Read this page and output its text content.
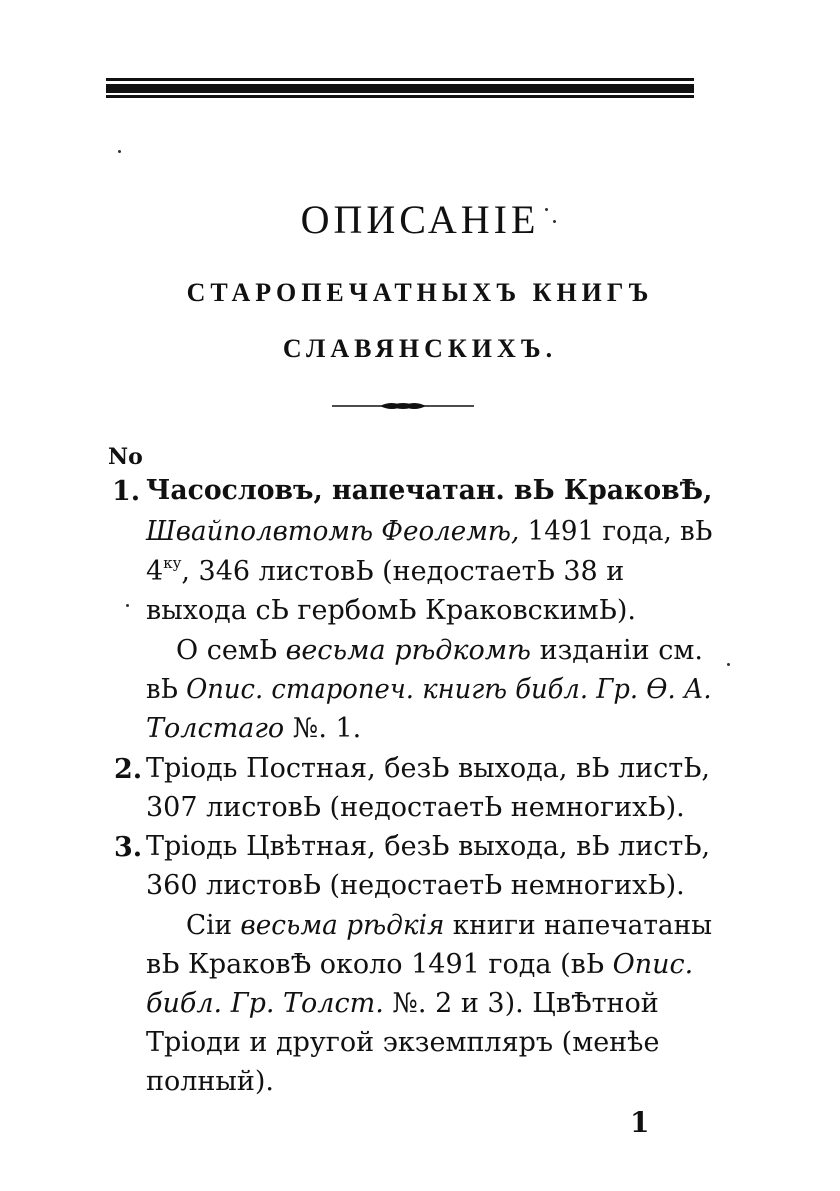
ОПИСАНІЕ
СТАРОПЕЧАТНЫХЪ КНИГЪ
СЛАВЯНСКИХЪ.
No
1. Часословъ, напечатан. вЬ КраковѢ,
Швайполвтомѣ Феолемѣ, 1491 года, вЬ
$4^{ку}$, 346 листовЬ (недостаетЬ 38 и
выхода сЬ гербомЬ КраковскимЬ).
О семЬ весьма рѣдкомѣ изданіи см.
вЬ Опис. старопеч. книгѣ библ. Гр. Ѳ. А.
Толстаго №. 1.
2. Тріодь Постная, безЬ выхода, вЬ листЬ,
307 листовЬ (недостаетЬ немногихЬ).
3. Тріодь Цвѣтная, безЬ выхода, вЬ листЬ,
360 листовЬ (недостаетЬ немногихЬ).
Сіи весьма рѣдкія книги напечатаны
вЬ КраковѢ около 1491 года (вЬ Опис.
библ. Гр. Толст. №. 2 и 3). ЦвѢтной
Тріоди и другой экземпляръ (менѣе
полный).
1
